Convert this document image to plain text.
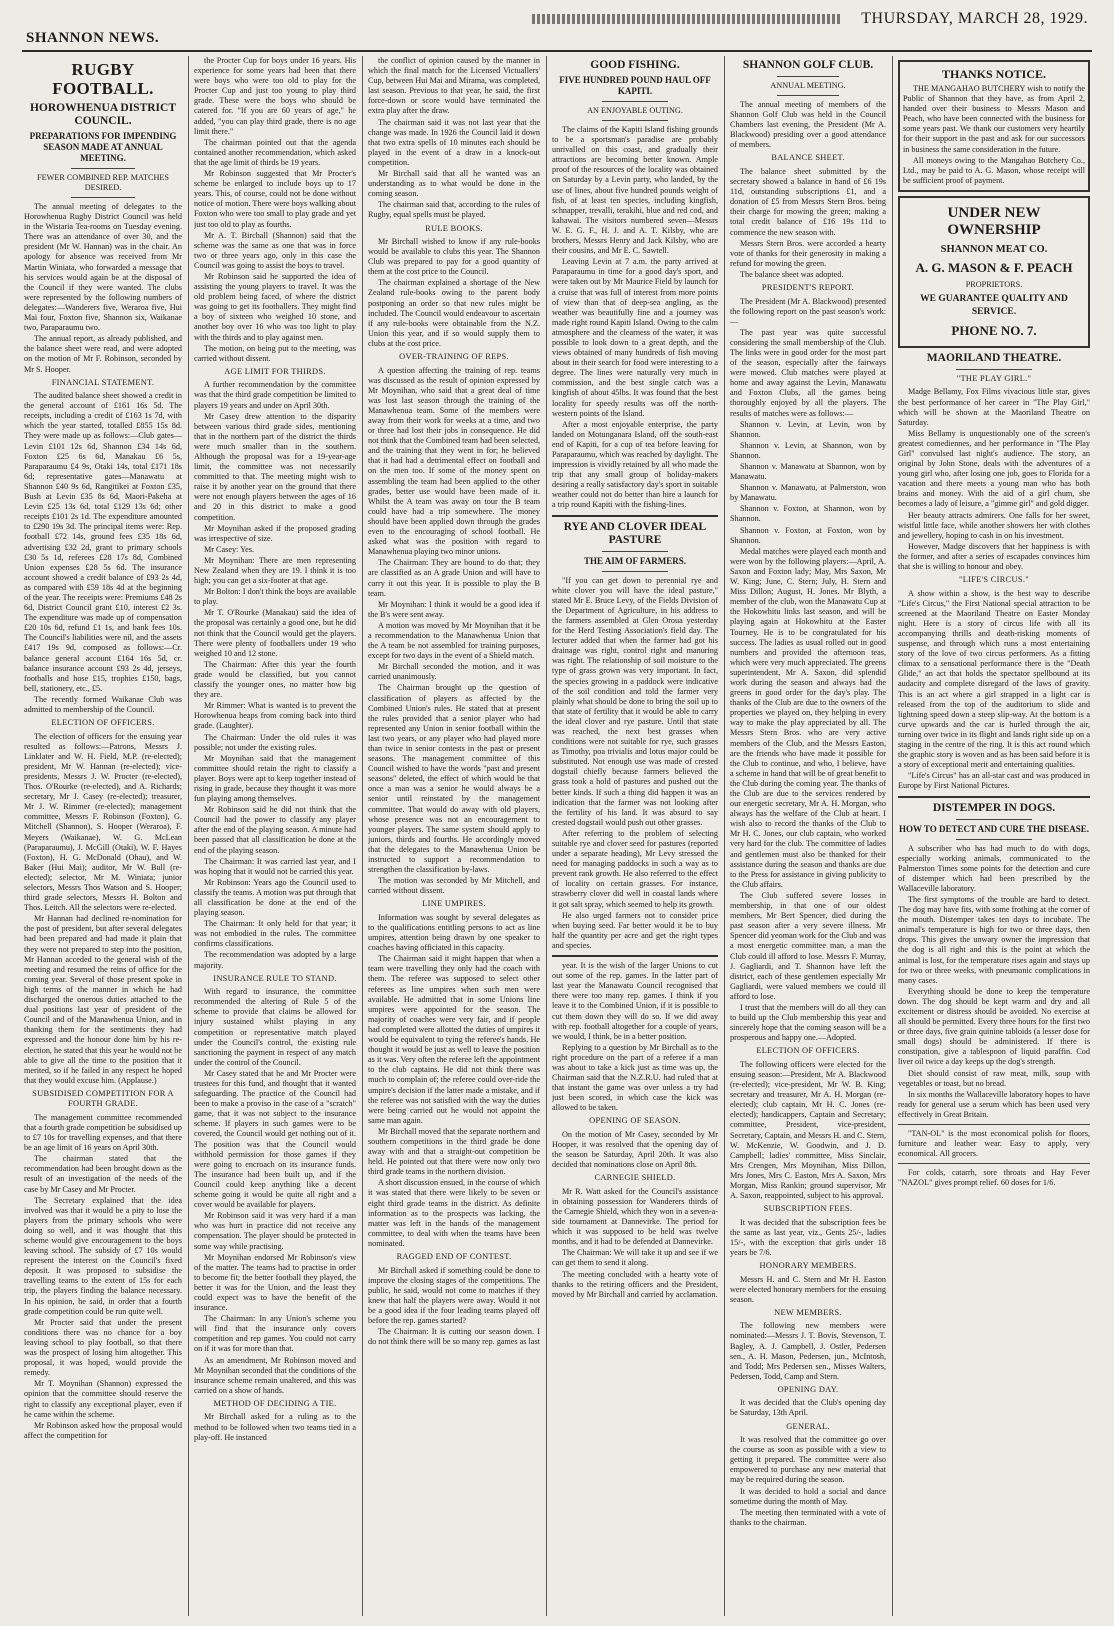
SHANNON NEWS.
THURSDAY, MARCH 28, 1929.
RUGBY FOOTBALL.
HOROWHENUA DISTRICT COUNCIL.
PREPARATIONS FOR IMPENDING SEASON MADE AT ANNUAL MEETING.
FEWER COMBINED REP. MATCHES DESIRED.

The annual meeting of delegates to the Horowhenua Rugby District Council was held in the Wistaria Tea-rooms on Tuesday evening. There was an attendance of over 30, and the president (Mr W. Hannan) was in the chair. An apology for absence was received from Mr Martin Winiata, who forwarded a message that his services would again be at the disposal of the Council if they were wanted. The clubs were represented by the following numbers of delegates:—Wanderers five, Weraroa five, Hui Mai four, Foxton five, Shannon six, Waikanae two, Paraparaumu two.

The annual report, as already published, and the balance sheet were read, and were adopted on the motion of Mr F. Robinson, seconded by Mr S. Hooper.

FINANCIAL STATEMENT.

The audited balance sheet showed a credit in the general account of £161 16s 5d. The receipts, including a credit of £163 1s 7d, with which the year started, totalled £855 15s 8d. They were made up as follows:—Club gates—Levin £101 12s 6d, Shannon £34 14s 6d, Foxton £25 6s 6d, Manakau £6 5s, Paraparaumu £4 9s, Otaki 14s, total £171 18s 6d; representative gates—Manawatu at Shannon £40 9s 6d, Rangitikei at Foxton £35, Bush at Levin £35 8s 6d, Maori-Pakeha at Levin £25 13s 6d, total £129 13s 6d; other receipts £101 2s 1d. The expenditure amounted to £290 19s 3d. The principal items were: Rep. football £72 14s, ground fees £35 18s 6d, advertising £32 2d, grant to primary schools £30 5s 1d, referees £28 17s 8d, Combined Union expenses £28 5s 6d. The insurance account showed a credit balance of £93 2s 4d, as compared with £59 18s 4d at the beginning of the year. The receipts were: Premiums £48 2s 6d, District Council grant £10, interest £2 3s. The expenditure was made up of compensation £20 10s 6d, refund £1 1s, and bank fees 10s. The Council's liabilities were nil, and the assets £417 19s 9d, composed as follows:—Cr. balance general account £164 16s 5d, cr. balance insurance account £93 2s 4d, jerseys, footballs and hose £15, trophies £150, bags, bell, stationery, etc., £5.

The recently formed Waikanae Club was admitted to membership of the Council.

ELECTION OF OFFICERS.

The election of officers for the ensuing year resulted as follows:—Patrons, Messrs J. Linklater and W. H. Field, M.P. (re-elected); president, Mr W. Hannan (re-elected); vice-presidents, Messrs J. W. Procter (re-elected), Thos. O'Rourke (re-elected), and A. Richards; secretary, Mr J. Casey (re-elected); treasurer, Mr J. W. Rimmer (re-elected); management committee, Messrs F. Robinson (Foxton), G. Mitchell (Shannon), S. Hooper (Weraroa), F. Meyers (Waikanae), W. G. McLean (Paraparaumu), J. McGill (Otaki), W. F. Hayes (Foxton), H. G. McDonald (Ohau), and W. Baker (Hui Mai); auditor, Mr W. Bull (re-elected); selector, Mr M. Winiata; junior selectors, Messrs Thos Watson and S. Hooper; third grade selectors, Messrs H. Bolton and Thos. Leitch. All the selectors were re-elected.

Mr Hannan had declined re-nomination for the post of president, but after several delegates had been prepared and had made it plain that they were not prepared to step into the position, Mr Hannan acceded to the general wish of the meeting and resumed the reins of office for the coming year. Several of those present spoke in high terms of the manner in which he had discharged the onerous duties attached to the dual positions last year of president of the Council and of the Manawhenua Union, and in thanking them for the sentiments they had expressed and the honour done him by his re-election, he stated that this year he would not be able to give all the time to the position that it merited, so if he failed in any respect he hoped that they would excuse him. (Applause.)

SUBSIDISED COMPETITION FOR A FOURTH GRADE.

The management committee recommended that a fourth grade competition be subsidised up to £7 10s for travelling expenses, and that there be an age limit of 16 years on April 30th.

The chairman stated that the recommendation had been brought down as the result of an investigation of the needs of the case by Mr Casey and Mr Procter.

The Secretary explained that the idea involved was that it would be a pity to lose the players from the primary schools who were doing so well, and it was thought that this scheme would give encouragement to the boys leaving school. The subsidy of £7 10s would represent the interest on the Council's fixed deposit. It was proposed to subsidise the travelling teams to the extent of 15s for each trip, the players finding the balance necessary. In his opinion, he said, in order that a fourth grade competition could be run quite well.

Mr Procter said that under the present conditions there was no chance for a boy leaving school to play football, so that there was the prospect of losing him altogether. This proposal, it was hoped, would provide the remedy.

Mr T. Moynihan (Shannon) expressed the opinion that the committee should reserve the right to classify any exceptional player, even if he came within the scheme.

Mr Robinson asked how the proposal would affect the competition for

the Procter Cup for boys under 16 years. His experience for some years had been that there were boys who were too old to play for the Procter Cup and just too young to play third grade. These were the boys who should be catered for. "If you are 60 years of age," he added, "you can play third grade, there is no age limit there."

The chairman pointed out that the agenda contained another recommendation, which asked that the age limit of thirds be 19 years.

Mr Robinson suggested that Mr Procter's scheme be enlarged to include boys up to 17 years. This, of course, could not be done without notice of motion. There were boys walking about Foxton who were too small to play grade and yet just too old to play as fourths.

Mr A. T. Birchall (Shannon) said that the scheme was the same as one that was in force two or three years ago, only in this case the Council was going to assist the boys to travel.

Mr Robinson said he supported the idea of assisting the young players to travel. It was the old problem being faced, of where the district was going to get its footballers. They might find a boy of sixteen who weighed 10 stone, and another boy over 16 who was too light to play with the thirds and to play against men.

The motion, on being put to the meeting, was carried without dissent.

AGE LIMIT FOR THIRDS.

A further recommendation by the committee was that the third grade competition be limited to players 19 years and under on April 30th.

Mr Casey drew attention to the disparity between various third grade sides, mentioning that in the northern part of the district the thirds were much smaller than in the southern. Although the proposal was for a 19-year-age limit, the committee was not necessarily committed to that. The meeting might wish to raise it by another year on the ground that there were not enough players between the ages of 16 and 20 in this district to make a good competition.

Mr Moynihan asked if the proposed grading was irrespective of size.

Mr Casey: Yes.

Mr Moynihan: There are men representing New Zealand when they are 19. I think it is too high; you can get a six-footer at that age.

Mr Bolton: I don't think the boys are available to play.

Mr T. O'Rourke (Manakau) said the idea of the proposal was certainly a good one, but he did not think that the Council would get the players. There were plenty of footballers under 19 who weighed 10 and 12 stone.

The Chairman: After this year the fourth grade would be classified, but you cannot classify the younger ones, no matter how big they are.

Mr Rimmer: What is wanted is to prevent the Horowhenua heaps from coming back into third grade. (Laughter).

The Chairman: Under the old rules it was possible; not under the existing rules.

Mr Moynihan said that the management committee should retain the right to classify a player. Boys were apt to keep together instead of rising in grade, because they thought it was more fun playing among themselves.

Mr Robinson said he did not think that the Council had the power to classify any player after the end of the playing season. A minute had been passed that all classification be done at the end of the playing season.

The Chairman: It was carried last year, and I was hoping that it would not be carried this year.

Mr Robinson: Years ago the Council used to classify the teams. A motion was put through that all classification be done at the end of the playing season.

The Chairman: It only held for that year; it was not embodied in the rules. The committee confirms classifications.

The recommendation was adopted by a large majority.

INSURANCE RULE TO STAND.

With regard to insurance, the committee recommended the altering of Rule 5 of the scheme to provide that claims be allowed for injury sustained whilst playing in any competition or representative match played under the Council's control, the existing rule sanctioning the payment in respect of any match under the control of the Council.

Mr Casey stated that he and Mr Procter were trustees for this fund, and thought that it wanted safeguarding. The practice of the Council had been to make a proviso in the case of a "scratch" game, that it was not subject to the insurance scheme. If players in such games were to be covered, the Council would get nothing out of it. The position was that the Council would withhold permission for those games if they were going to encroach on its insurance funds. The insurance had been built up, and if the Council could keep anything like a decent scheme going it would be quite all right and a cover would be available for players.

Mr Robinson said it was very hard if a man who was hurt in practice did not receive any compensation. The player should be protected in some way while practising.

Mr Moynihan endorsed Mr Robinson's view of the matter. The teams had to practise in order to become fit; the better football they played, the better it was for the Union, and the least they could expect was to have the benefit of the insurance.

The Chairman: In any Union's scheme you will find that the insurance only covers competition and rep games. You could not carry on if it was for more than that.

As an amendment, Mr Robinson moved and Mr Moynihan seconded that the conditions of the insurance scheme remain unaltered, and this was carried on a show of hands.

METHOD OF DECIDING A TIE.

Mr Birchall asked for a ruling as to the method to be followed when two teams tied in a play-off. He instanced

the conflict of opinion caused by the manner in which the final match for the Licensed Victuallers' Cup, between Hui Mai and Mirama, was completed, last season. Previous to that year, he said, the first force-down or score would have terminated the extra play after the draw.

The chairman said it was not last year that the change was made. In 1926 the Council laid it down that two extra spells of 10 minutes each should be played in the event of a draw in a knock-out competition.

Mr Birchall said that all he wanted was an understanding as to what would be done in the coming season.

The chairman said that, according to the rules of Rugby, equal spells must be played.

RULE BOOKS.

Mr Birchall wished to know if any rule-books would be available to clubs this year. The Shannon Club was prepared to pay for a good quantity of them at the cost price to the Council.

The chairman explained a shortage of the New Zealand rule-books owing to the parent body postponing an order so that new rules might be included. The Council would endeavour to ascertain if any rule-books were obtainable from the N.Z. Union this year, and if so would supply them to clubs at the cost price.

OVER-TRAINING OF REPS.

A question affecting the training of rep. teams was discussed as the result of opinion expressed by Mr Moynihan, who said that a great deal of time was lost last season through the training of the Manawhenua team. Some of the members were away from their work for weeks at a time, and two or three had lost their jobs in consequence. He did not think that the Combined team had been selected, and the training that they went in for; he believed that it had had a detrimental effect on football and on the men too. If some of the money spent on assembling the team had been applied to the other grades, better use would have been made of it. Whilst the A team was away on tour the B team could have had a trip somewhere. The money should have been applied down through the grades even to the encouraging of school football. He asked what was the position with regard to Manawhenua playing two minor unions.

The Chairman: They are bound to do that; they are classified as an A grade Union and will have to carry it out this year. It is possible to play the B team.

Mr Moynihan: I think it would be a good idea if the B's were sent away.

A motion was moved by Mr Moynihan that it be a recommendation to the Manawhenua Union that the A team be not assembled for training purposes, except for two days in the event of a Shield match.

Mr Birchall seconded the motion, and it was carried unanimously.

The Chairman brought up the question of classification of players as affected by the Combined Union's rules. He stated that at present the rules provided that a senior player who had represented any Union in senior football within the last two years, or any player who had played more than twice in senior contests in the past or present seasons. The management committee of this Council wished to have the words "past and present seasons" deleted, the effect of which would be that once a man was a senior he would always be a senior until reinstated by the management committee. That would do away with old players, whose presence was not an encouragement to younger players. The same system should apply to juniors, thirds and fourths. He accordingly moved that the delegates to the Manawhenua Union be instructed to support a recommendation to strengthen the classification by-laws.

The motion was seconded by Mr Mitchell, and carried without dissent.

LINE UMPIRES.

Information was sought by several delegates as to the qualifications entitling persons to act as line umpires, attention being drawn by one speaker to coaches having officiated in this capacity.

The Chairman said it might happen that when a team were travelling they only had the coach with them. The referee was supposed to select other referees as line umpires when such men were available. He admitted that in some Unions line umpires were appointed for the season. The majority of coaches were very fair, and if people had completed were allotted the duties of umpires it would be equivalent to tying the referee's hands. He thought it would be just as well to leave the position as it was. Very often the referee left the appointment to the club captains. He did not think there was much to complain of; the referee could over-ride the umpire's decision if the latter made a mistake, and if the referee was not satisfied with the way the duties were being carried out he would not appoint the same man again.

Mr Birchall moved that the separate northern and southern competitions in the third grade be done away with and that a straight-out competition be held. He pointed out that there were now only two third grade teams in the northern division.

A short discussion ensued, in the course of which it was stated that there were likely to be seven or eight third grade teams in the district. As definite information as to the prospects was lacking, the matter was left in the hands of the management committee, to deal with when the teams have been nominated.

RAGGED END OF CONTEST.

Mr Birchall asked if something could be done to improve the closing stages of the competitions. The public, he said, would not come to matches if they knew that half the players were away. Would it not be a good idea if the four leading teams played off before the rep. games started?

The Chairman: It is cutting our season down. I do not think there will be so many rep. games as last

GOOD FISHING.
FIVE HUNDRED POUND HAUL OFF KAPITI.
AN ENJOYABLE OUTING.

The claims of the Kapiti Island fishing grounds to be a sportsman's paradise are probably unrivalled on this coast, and gradually their attractions are becoming better known. Ample proof of the resources of the locality was obtained on Saturday by a Levin party, who landed, by the use of lines, about five hundred pounds weight of fish, of at least ten species, including kingfish, schnapper, trevalli, terakihi, blue and red cod, and kahawai. The visitors numbered seven—Messrs W. E. G. F., H. J. and A. T. Kilsby, who are brothers, Messrs Henry and Jack Kilsby, who are their cousins, and Mr E. C. Sawtell.

Leaving Levin at 7 a.m. the party arrived at Paraparaumu in time for a good day's sport, and were taken out by Mr Maurice Field by launch for a cruise that was full of interest from more points of view than that of deep-sea angling, as the weather was beautifully fine and a journey was made right round Kapiti Island. Owing to the calm atmosphere and the clearness of the water, it was possible to look down to a great depth, and the views obtained of many hundreds of fish moving about in their search for food were interesting to a degree. The lines were naturally very much in commission, and the best single catch was a kingfish of about 45lbs. It was found that the best locality for speedy results was off the north-western points of the Island.

After a most enjoyable enterprise, the party landed on Motunganara Island, off the south-east end of Kapiti, for a cup of tea before leaving for Paraparaumu, which was reached by daylight. The impression is vividly retained by all who made the trip that any small group of holiday-makers desiring a really satisfactory day's sport in suitable weather could not do better than hire a launch for a trip round Kapiti with the fishing-lines.

RYE AND CLOVER IDEAL PASTURE
THE AIM OF FARMERS.

"If you can get down to perennial rye and white clover you will have the ideal pasture," stated Mr E. Bruce Levy, of the Fields Division of the Department of Agriculture, in his address to the farmers assembled at Glen Oroua yesterday for the Herd Testing Association's field day. The lecturer added that when the farmer had got his drainage was right, control right and manuring was right. The relationship of soil moisture to the type of grass grown was very important. In fact, the species growing in a paddock were indicative of the soil condition and told the farmer very plainly what should be done to bring the soil up to that state of fertility that it would be able to carry the ideal clover and rye pasture. Until that state was reached, the next best grasses when conditions were not suitable for rye, such grasses as Timothy, poa trivialis and lotus major could be substituted. Not enough use was made of crested dogstail chiefly because farmers believed the grass took a hold of pastures and pushed out the better kinds. If such a thing did happen it was an indication that the farmer was not looking after the fertility of his land. It was absurd to say crested dogstail would push out other grasses.

After referring to the problem of selecting suitable rye and clover seed for pastures (reported under a separate heading), Mr Levy stressed the need for managing paddocks in such a way as to prevent rank growth. He also referred to the effect of locality on certain grasses. For instance, strawberry clover did well in coastal lands where it got salt spray, which seemed to help its growth.

He also urged farmers not to consider price when buying seed. Far better would it be to buy half the quantity per acre and get the right types and species.

year. It is the wish of the larger Unions to cut out some of the rep. games. In the latter part of last year the Manawatu Council recognised that there were too many rep. games. I think if you leave it to the Combined Union, if it is possible to cut them down they will do so. If we did away with rep. football altogether for a couple of years, we would, I think, be in a better position.

Replying to a question by Mr Birchall as to the right procedure on the part of a referee if a man was about to take a kick just as time was up, the Chairman said that the N.Z.R.U. had ruled that at that instant the game was over unless a try had just been scored, in which case the kick was allowed to be taken.

OPENING OF SEASON.

On the motion of Mr Casey, seconded by Mr Hooper, it was resolved that the opening day of the season be Saturday, April 20th. It was also decided that nominations close on April 8th.

CARNEGIE SHIELD.

Mr R. Watt asked for the Council's assistance in obtaining possession for Wanderers thirds of the Carnegie Shield, which they won in a seven-a-side tournament at Dannevirke. The period for which it was supposed to be held was twelve months, and it had to be defended at Dannevirke.

The Chairman: We will take it up and see if we can get them to send it along.

The meeting concluded with a hearty vote of thanks to the retiring officers and the President, moved by Mr Birchall and carried by acclamation.

SHANNON GOLF CLUB.
ANNUAL MEETING.

The annual meeting of members of the Shannon Golf Club was held in the Council Chambers last evening, the President (Mr A. Blackwood) presiding over a good attendance of members.

BALANCE SHEET.

The balance sheet submitted by the secretary showed a balance in hand of £6 19s 11d, outstanding subscriptions £1, and a donation of £5 from Messrs Stern Bros. being their charge for mowing the green; making a total credit balance of £16 19s 11d to commence the new season with.

Messrs Stern Bros. were accorded a hearty vote of thanks for their generosity in making a refund for mowing the green.

The balance sheet was adopted.

PRESIDENT'S REPORT.

The President (Mr A. Blackwood) presented the following report on the past season's work:—

The past year was quite successful considering the small membership of the Club. The links were in good order for the most part of the season, especially after the fairways were mowed. Club matches were played at home and away against the Levin, Manawatu and Foxton Clubs, all the games being thoroughly enjoyed by all the players. The results of matches were as follows:—

Shannon v. Levin, at Levin, won by Shannon.

Shannon v. Levin, at Shannon, won by Shannon.

Shannon v. Manawatu at Shannon, won by Manawatu.

Shannon v. Manawatu, at Palmerston, won by Manawatu.

Shannon v. Foxton, at Shannon, won by Shannon.

Shannon v. Foxton, at Foxton, won by Shannon.

Medal matches were played each month and were won by the following players:—April, A. Saxon and Foxton lady; May, Mrs Saxon, Mr W. King; June, C. Stern; July, H. Stern and Miss Dillon; August, H. Jones. Mr Blyth, a member of the club, won the Manawatu Cup at the Hokowhitu links last season, and will be playing again at Hokowhitu at the Easter Tourney. He is to be congratulated for his success. The ladies as usual rolled out in good numbers and provided the afternoon teas, which were very much appreciated. The greens superintendent, Mr A. Saxon, did splendid work during the season and always had the greens in good order for the day's play. The thanks of the Club are due to the owners of the properties we played on, they helping in every way to make the play appreciated by all. The Messrs Stern Bros. who are very active members of the Club, and the Messrs Easton, are the friends who have made it possible for the Club to continue, and who, I believe, have a scheme in hand that will be of great benefit to the Club during the coming year. The thanks of the Club are due to the services rendered by our energetic secretary, Mr A. H. Morgan, who always has the welfare of the Club at heart. I wish also to record the thanks of the Club to Mr H. C. Jones, our club captain, who worked very hard for the club. The committee of ladies and gentlemen must also be thanked for their assistance during the season and thanks are due to the Press for assistance in giving publicity to the Club affairs.

The Club suffered severe losses in membership, in that one of our oldest members, Mr Bert Spencer, died during the past season after a very severe illness. Mr Spencer did yeoman work for the Club and was a most energetic committee man, a man the Club could ill afford to lose. Messrs F. Murray, J. Gagliardi, and T. Shannon have left the district, each of these gentlemen especially Mr Gagliardi, were valued members we could ill afford to lose.

I trust that the members will do all they can to build up the Club membership this year and sincerely hope that the coming season will be a prosperous and happy one.—Adopted.

ELECTION OF OFFICERS.

The following officers were elected for the ensuing season:—President, Mr A. Blackwood (re-elected); vice-president, Mr W. B. King; secretary and treasurer, Mr A. H. Morgan (re-elected); club captain, Mr H. C. Jones (re-elected); handicappers, Captain and Secretary; committee, President, vice-president, Secretary, Captain, and Messrs H. and C. Stern, W. McKenzie, W. Goodwin, and J. D. Campbell; ladies' committee, Miss Sinclair, Mrs Crengen, Mrs Moynihan, Miss Dillon, Mrs Jones, Mrs C. Easton, Mrs A. Saxon, Mrs Morgan, Miss Rankin; ground supervisor, Mr A. Saxon, reappointed, subject to his approval.

SUBSCRIPTION FEES.

It was decided that the subscription fees be the same as last year, viz., Gents 25/-, ladies 15/-, with the exception that girls under 18 years be 7/6.

HONORARY MEMBERS.

Messrs H. and C. Stern and Mr H. Easton were elected honorary members for the ensuing season.

NEW MEMBERS.

The following new members were nominated:—Messrs J. T. Bovis, Stevenson, T. Bagley, A. J. Campbell, J. Ostler, Pedersen sen., A. H. Mason, Pedersen, jun., McIntosh, and Todd; Mrs Pedersen sen., Misses Walters, Pedersen, Todd, Camp and Stern.

OPENING DAY.

It was decided that the Club's opening day be Saturday, 13th April.

GENERAL.

It was resolved that the committee go over the course as soon as possible with a view to getting it prepared. The committee were also empowered to purchase any new material that may be required during the season.

It was decided to hold a social and dance sometime during the month of May.

The meeting then terminated with a vote of thanks to the chairman.

THANKS NOTICE.

THE MANGAHAO BUTCHERY wish to notify the Public of Shannon that they have, as from April 2, handed over their business to Messrs Mason and Peach, who have been connected with the business for some years past. We thank our customers very heartily for their support in the past and ask for our successors in business the same consideration in the future.

All moneys owing to the Mangahao Butchery Co., Ltd., may be paid to A. G. Mason, whose receipt will be sufficient proof of payment.

UNDER NEW OWNERSHIP
SHANNON MEAT CO.
A. G. MASON & F. PEACH
PROPRIETORS.
WE GUARANTEE QUALITY AND SERVICE.
PHONE NO. 7.
MAORILAND THEATRE.
"THE PLAY GIRL."

Madge Bellamy, Fox Films vivacious little star, gives the best performance of her career in "The Play Girl," which will be shown at the Maoriland Theatre on Saturday.

Miss Bellamy is unquestionably one of the screen's greatest comediennes, and her performance in "The Play Girl" convulsed last night's audience. The story, an original by John Stone, deals with the adventures of a young girl who, after losing one job, goes to Florida for a vacation and there meets a young man who has both brains and money. With the aid of a girl chum, she becomes a lady of leisure, a "gimme girl" and gold digger.

Her beauty attracts admirers. One falls for her sweet, wistful little face, while another showers her with clothes and jewellery, hoping to cash in on his investment.

However, Madge discovers that her happiness is with the former, and after a series of escapades convinces him that she is willing to honour and obey.

"LIFE'S CIRCUS."

A show within a show, is the best way to describe "Life's Circus," the First National special attraction to be screened at the Maoriland Theatre on Easter Monday night. Here is a story of circus life with all its accompanying thrills and death-risking moments of suspense, and through which runs a most entertaining story of the love of two circus performers. As a fitting climax to a sensational performance there is the "Death Glide," an act that holds the spectator spellbound at its audacity and complete disregard of the laws of gravity. This is an act where a girl strapped in a light car is released from the top of the auditorium to slide and lightning speed down a steep slip-way. At the bottom is a curve upwards and the car is hurled through the air, turning over twice in its flight and lands right side up on a staging in the centre of the ring. It is this act round which the graphic story is woven and as has been said before it is a story of exceptional merit and entertaining qualities.

"Life's Circus" has an all-star cast and was produced in Europe by First National Pictures.

DISTEMPER IN DOGS.
HOW TO DETECT AND CURE THE DISEASE.

A subscriber who has had much to do with dogs, especially working animals, communicated to the Palmerston Times some points for the detection and cure of distemper which had been prescribed by the Wallaceville laboratory.

The first symptoms of the trouble are hard to detect. The dog may have fits, with some frothing at the corner of the mouth. Distemper takes ten days to incubate. The animal's temperature is high for two or three days, then drops. This gives the unwary owner the impression that the dog is all right and this is the point at which the animal is lost, for the temperature rises again and stays up for two or three weeks, with pneumonic complications in many cases.

Everything should be done to keep the temperature down. The dog should be kept warm and dry and all excitement or distress should be avoided. No exercise at all should be permitted. Every three hours for the first two or three days, five grain quinine tabloids (a lesser dose for small dogs) should be administered. If there is constipation, give a tablespoon of liquid paraffin. Cod liver oil twice a day keeps up the dog's strength.

Diet should consist of raw meat, milk, soup with vegetables or toast, but no bread.

In six months the Wallaceville laboratory hopes to have ready for general use a serum which has been used very effectively in Great Britain.

"TAN-OL" is the most economical polish for floors, furniture and leather wear. Easy to apply, very economical. All grocers.

For colds, catarrh, sore throats and Hay Fever "NAZOL" gives prompt relief. 60 doses for 1/6.
